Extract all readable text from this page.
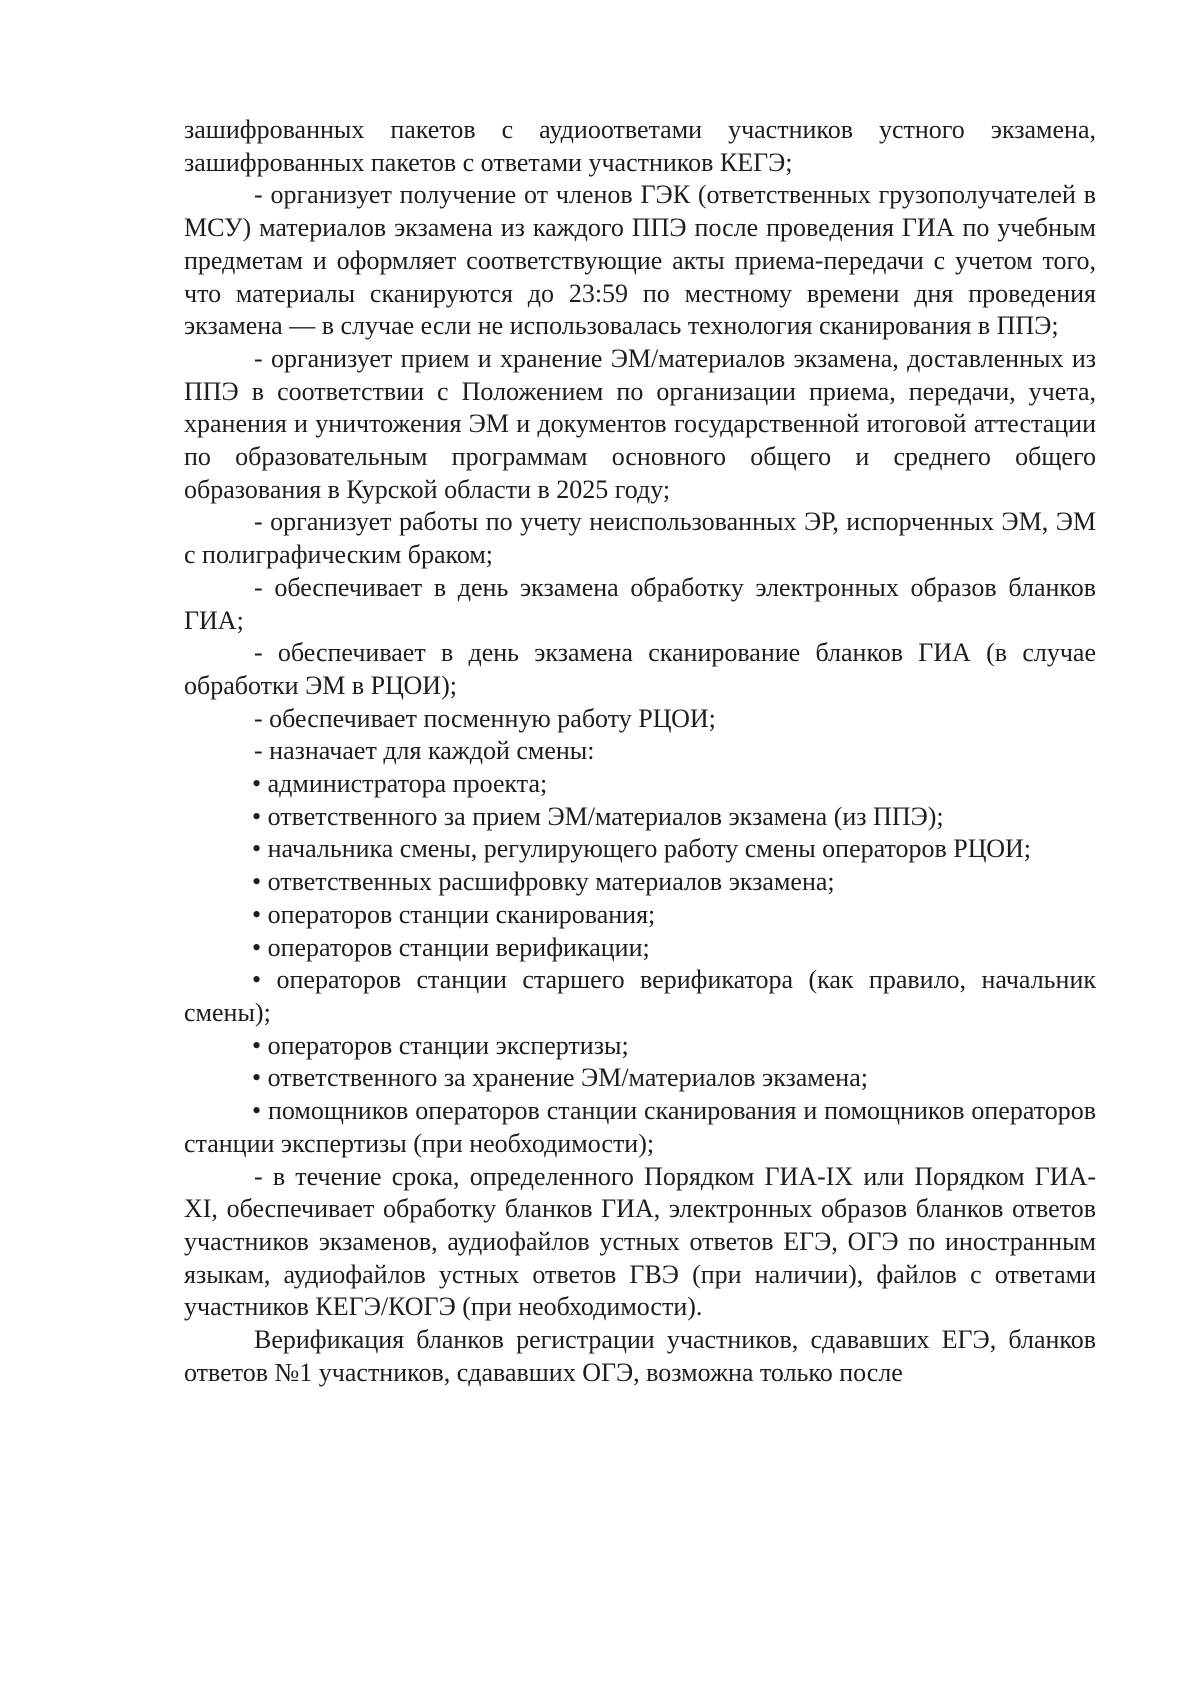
зашифрованных пакетов с аудиоответами участников устного экзамена, зашифрованных пакетов с ответами участников КЕГЭ;

- организует получение от членов ГЭК (ответственных грузополучателей в МСУ) материалов экзамена из каждого ППЭ после проведения ГИА по учебным предметам и оформляет соответствующие акты приема-передачи с учетом того, что материалы сканируются до 23:59 по местному времени дня проведения экзамена — в случае если не использовалась технология сканирования в ППЭ;

- организует прием и хранение ЭМ/материалов экзамена, доставленных из ППЭ в соответствии с Положением по организации приема, передачи, учета, хранения и уничтожения ЭМ и документов государственной итоговой аттестации по образовательным программам основного общего и среднего общего образования в Курской области в 2025 году;

- организует работы по учету неиспользованных ЭР, испорченных ЭМ, ЭМ с полиграфическим браком;

- обеспечивает в день экзамена обработку электронных образов бланков ГИА;

- обеспечивает в день экзамена сканирование бланков ГИА (в случае обработки ЭМ в РЦОИ);

- обеспечивает посменную работу РЦОИ;

- назначает для каждой смены:

• администратора проекта;

• ответственного за прием ЭМ/материалов экзамена (из ППЭ);

• начальника смены, регулирующего работу смены операторов РЦОИ;

• ответственных расшифровку материалов экзамена;

• операторов станции сканирования;

• операторов станции верификации;

• операторов станции старшего верификатора (как правило, начальник смены);

• операторов станции экспертизы;

• ответственного за хранение ЭМ/материалов экзамена;

• помощников операторов станции сканирования и помощников операторов станции экспертизы (при необходимости);

- в течение срока, определенного Порядком ГИА-IX или Порядком ГИА-XI, обеспечивает обработку бланков ГИА, электронных образов бланков ответов участников экзаменов, аудиофайлов устных ответов ЕГЭ, ОГЭ по иностранным языкам, аудиофайлов устных ответов ГВЭ (при наличии), файлов с ответами участников КЕГЭ/КОГЭ (при необходимости).

Верификация бланков регистрации участников, сдававших ЕГЭ, бланков ответов №1 участников, сдававших ОГЭ, возможна только после
